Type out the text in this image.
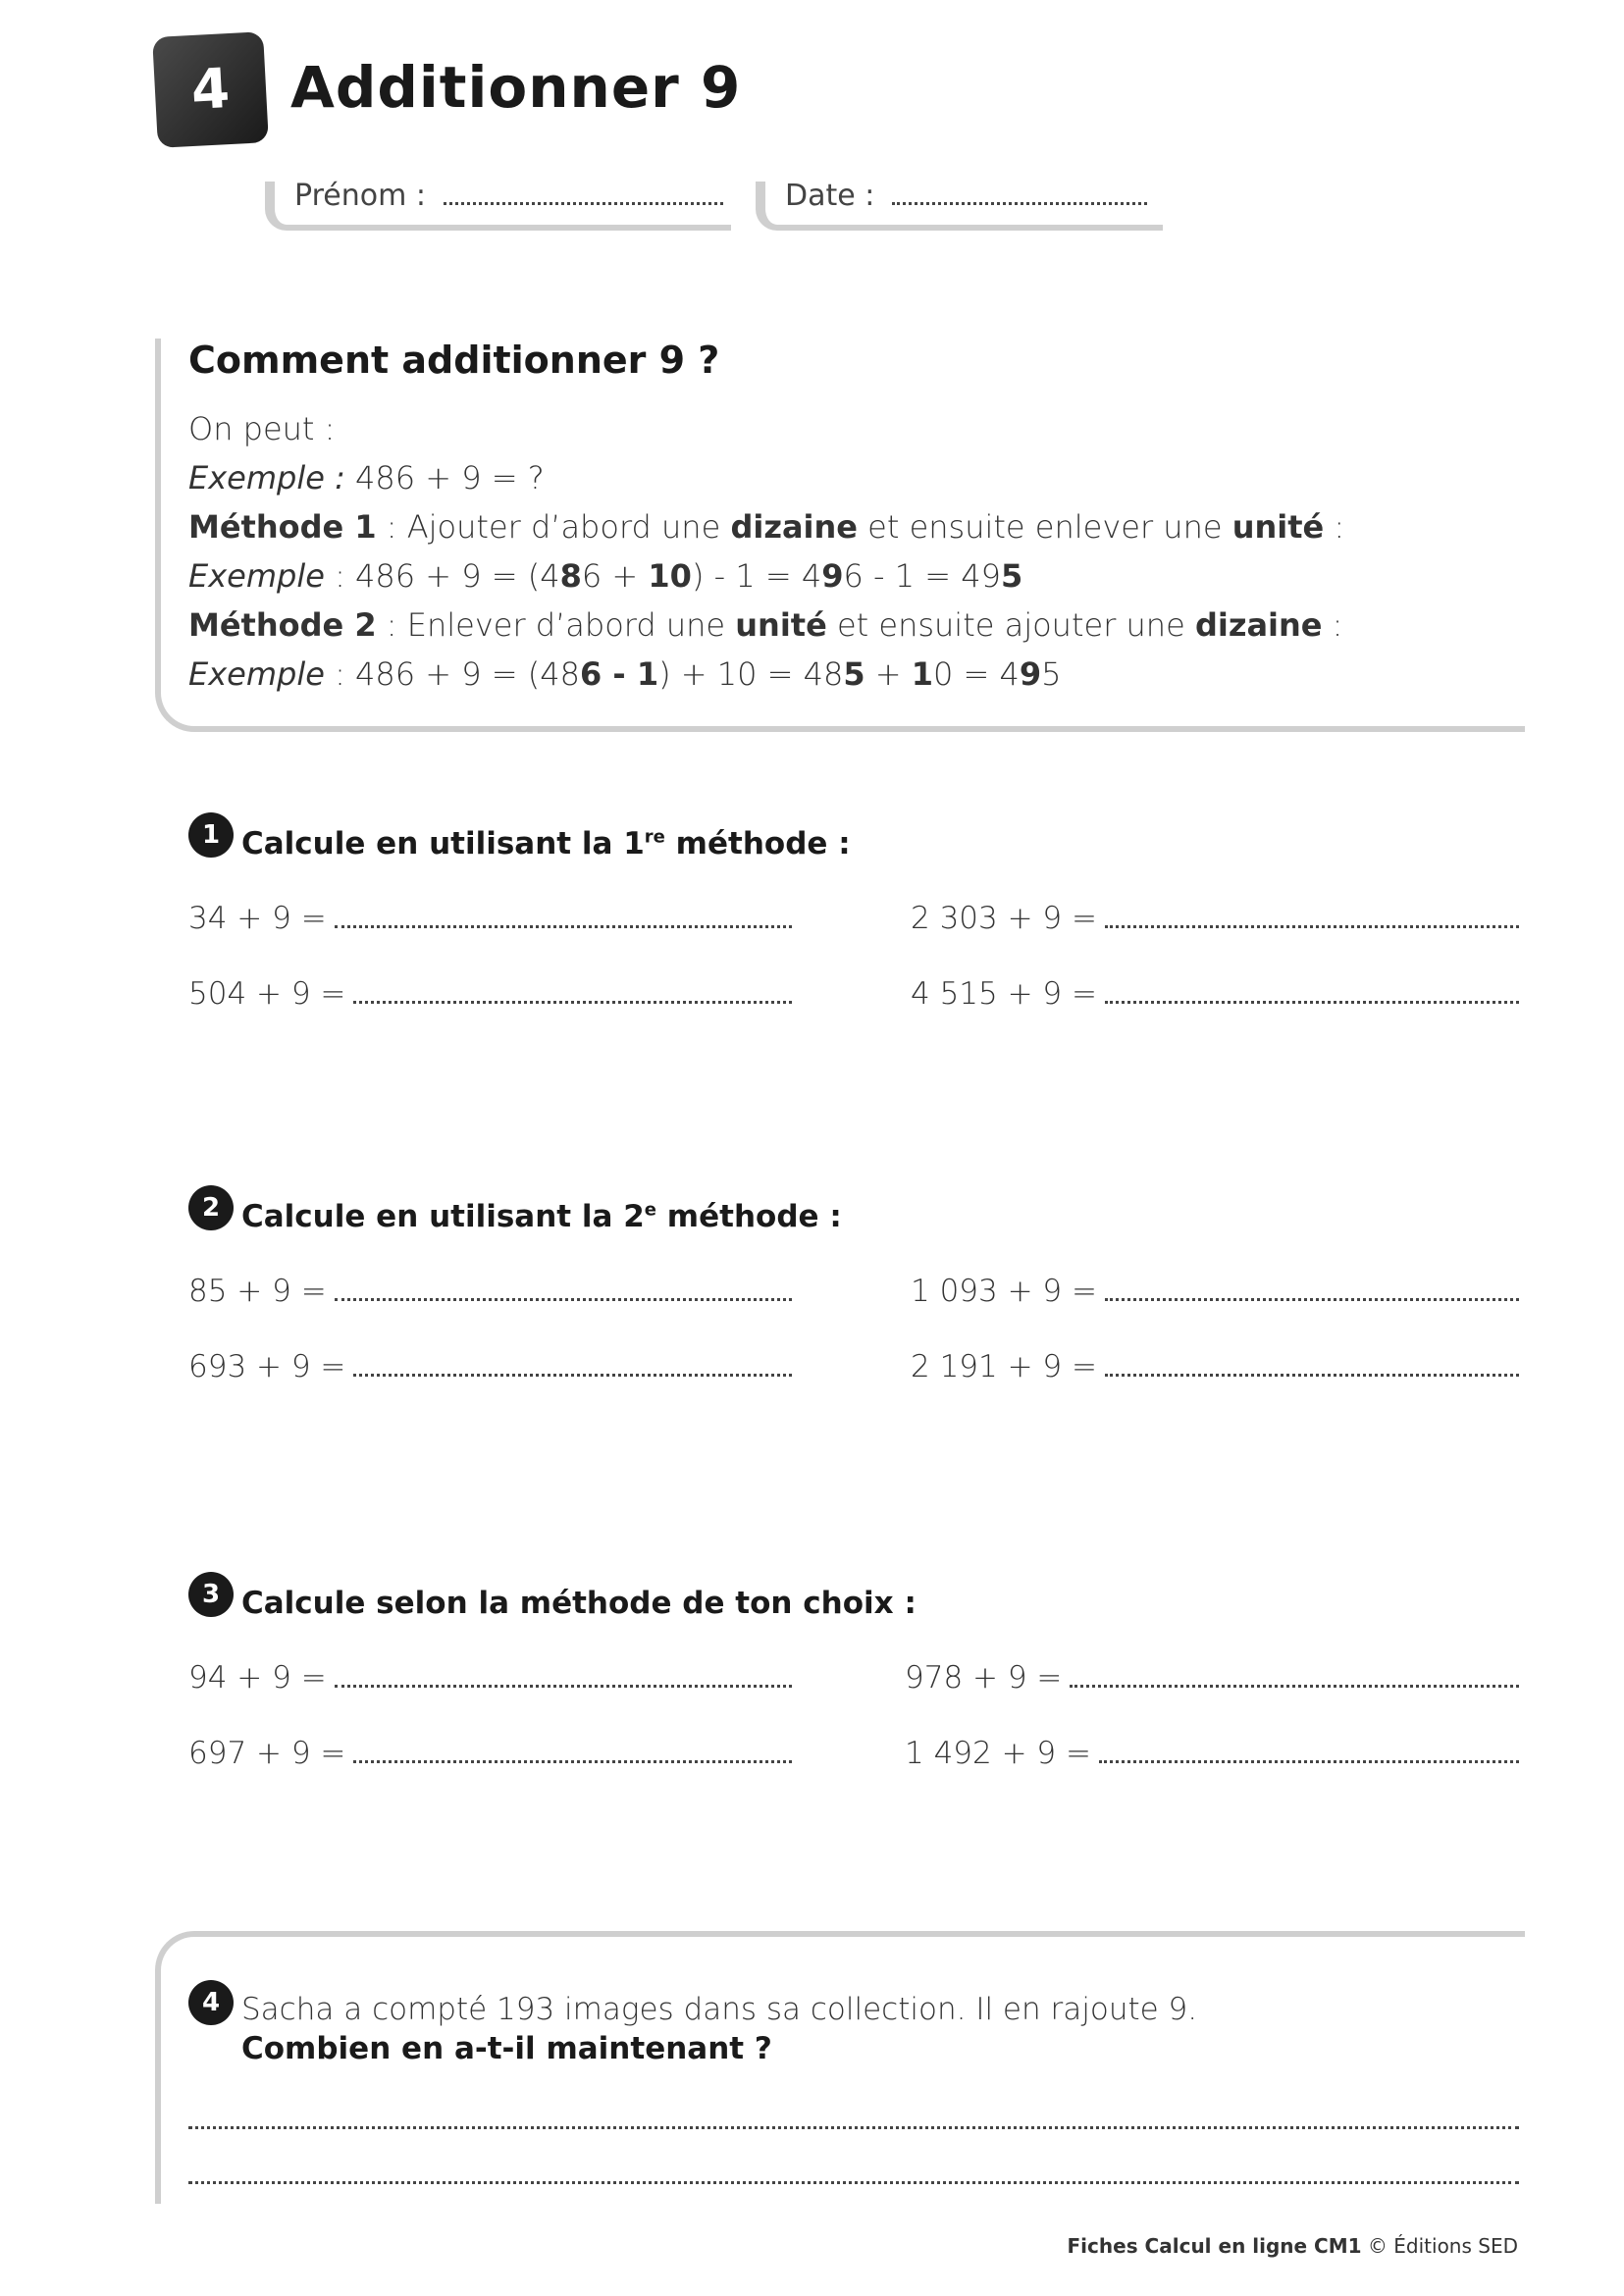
4 Additionner 9
Prénom :	Date :
Comment additionner 9 ?
On peut :
Exemple : 486 + 9 = ?
Méthode 1 : Ajouter d’abord une dizaine et ensuite enlever une unité :
Exemple : 486 + 9 = (486 + 10) - 1 = 496 - 1 = 495
Méthode 2 : Enlever d’abord une unité et ensuite ajouter une dizaine :
Exemple : 486 + 9 = (486 - 1) + 10 = 485 + 10 = 495
1 Calcule en utilisant la 1re méthode :
34 + 9 =
504 + 9 =
2 303 + 9 =
4 515 + 9 =
2 Calcule en utilisant la 2e méthode :
85 + 9 =
693 + 9 =
1 093 + 9 =
2 191 + 9 =
3 Calcule selon la méthode de ton choix :
94 + 9 =
697 + 9 =
978 + 9 =
1 492 + 9 =
4 Sacha a compté 193 images dans sa collection. Il en rajoute 9.
Combien en a-t-il maintenant ?
Fiches Calcul en ligne CM1 © Éditions SED
